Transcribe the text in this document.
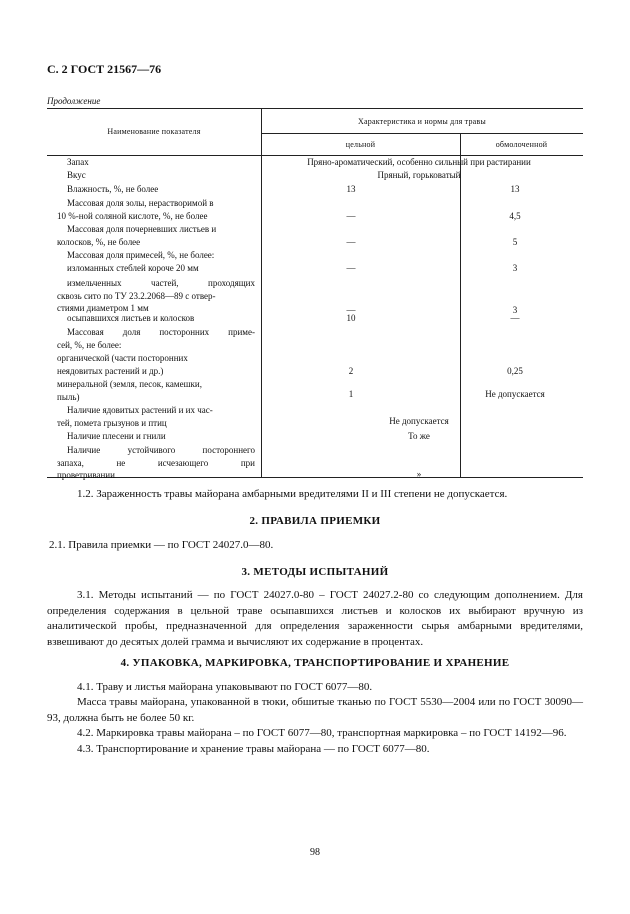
С. 2 ГОСТ 21567—76
Продолжение
Наименование показателя
Характеристика и нормы для травы
цельной	обмолоченной
Запах	Пряно-ароматический, особенно сильный при растирании
Вкус	Пряный, горьковатый
Влажность, %, не более	13	13
Массовая доля золы, нерастворимой в
10 %-ной соляной кислоте, %, не более	—	4,5
Массовая доля почерневших листьев и
колосков, %, не более	—	5
Массовая доля примесей, %, не более:
изломанных стеблей короче 20 мм	—	3
измельченных частей, проходящих
сквозь сито по ТУ 23.2.2068—89 с отвер-
стиями диаметром 1 мм	—	3
осыпавшихся листьев и колосков	10	—
Массовая доля посторонних приме-
сей, %, не более:
органической (части посторонних
неядовитых растений и др.)	2	0,25
минеральной (земля, песок, камешки,
пыль)	1	Не допускается
Наличие ядовитых растений и их час-
тей, помета грызунов и птиц	Не допускается
Наличие плесени и гнили	То же
Наличие устойчивого постороннего
запаха, не исчезающего при
проветривании	»
1.2. Зараженность травы майорана амбарными вредителями II и III степени не допускается.
2. ПРАВИЛА ПРИЕМКИ
2.1. Правила приемки — по ГОСТ 24027.0—80.
3. МЕТОДЫ ИСПЫТАНИЙ
3.1. Методы испытаний — по ГОСТ 24027.0-80 – ГОСТ 24027.2-80 со следующим дополнением. Для определения содержания в цельной траве осыпавшихся листьев и колосков их выбирают вручную из аналитической пробы, предназначенной для определения зараженности сырья амбарными вредителями, взвешивают до десятых долей грамма и вычисляют их содержание в процентах.
4. УПАКОВКА, МАРКИРОВКА, ТРАНСПОРТИРОВАНИЕ И ХРАНЕНИЕ
4.1. Траву и листья майорана упаковывают по ГОСТ 6077—80.
Масса травы майорана, упакованной в тюки, обшитые тканью по ГОСТ 5530—2004 или по ГОСТ 30090—93, должна быть не более 50 кг.
4.2. Маркировка травы майорана – по ГОСТ 6077—80, транспортная маркировка – по ГОСТ 14192—96.
4.3. Транспортирование и хранение травы майорана — по ГОСТ 6077—80.
98
